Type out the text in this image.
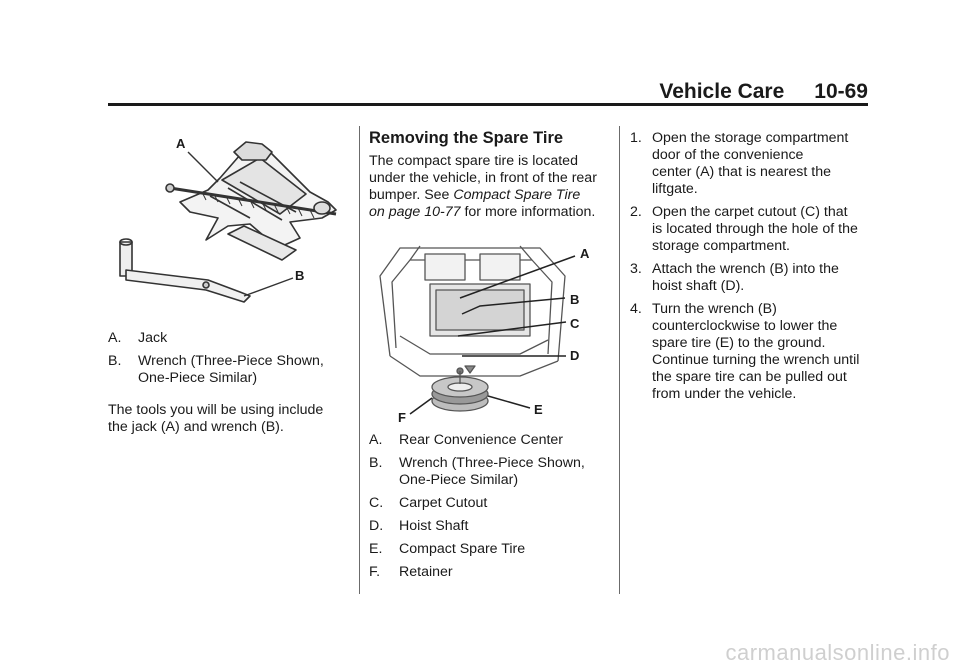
Vehicle Care 10-69
A
B

A. Jack

B. Wrench (Three-Piece Shown,
One-Piece Similar)

The tools you will be using include
the jack (A) and wrench (B).

Removing the Spare Tire

The compact spare tire is located
under the vehicle, in front of the rear
bumper. See Compact Spare Tire
on page 10-77 for more information.

A
B
C
D
E
F

A. Rear Convenience Center

B. Wrench (Three-Piece Shown,
One-Piece Similar)

C. Carpet Cutout

D. Hoist Shaft

E. Compact Spare Tire

F. Retainer

1. Open the storage compartment
door of the convenience
center (A) that is nearest the
liftgate.

2. Open the carpet cutout (C) that
is located through the hole of the
storage compartment.

3. Attach the wrench (B) into the
hoist shaft (D).

4. Turn the wrench (B)
counterclockwise to lower the
spare tire (E) to the ground.
Continue turning the wrench until
the spare tire can be pulled out
from under the vehicle.

carmanualsonline.info
